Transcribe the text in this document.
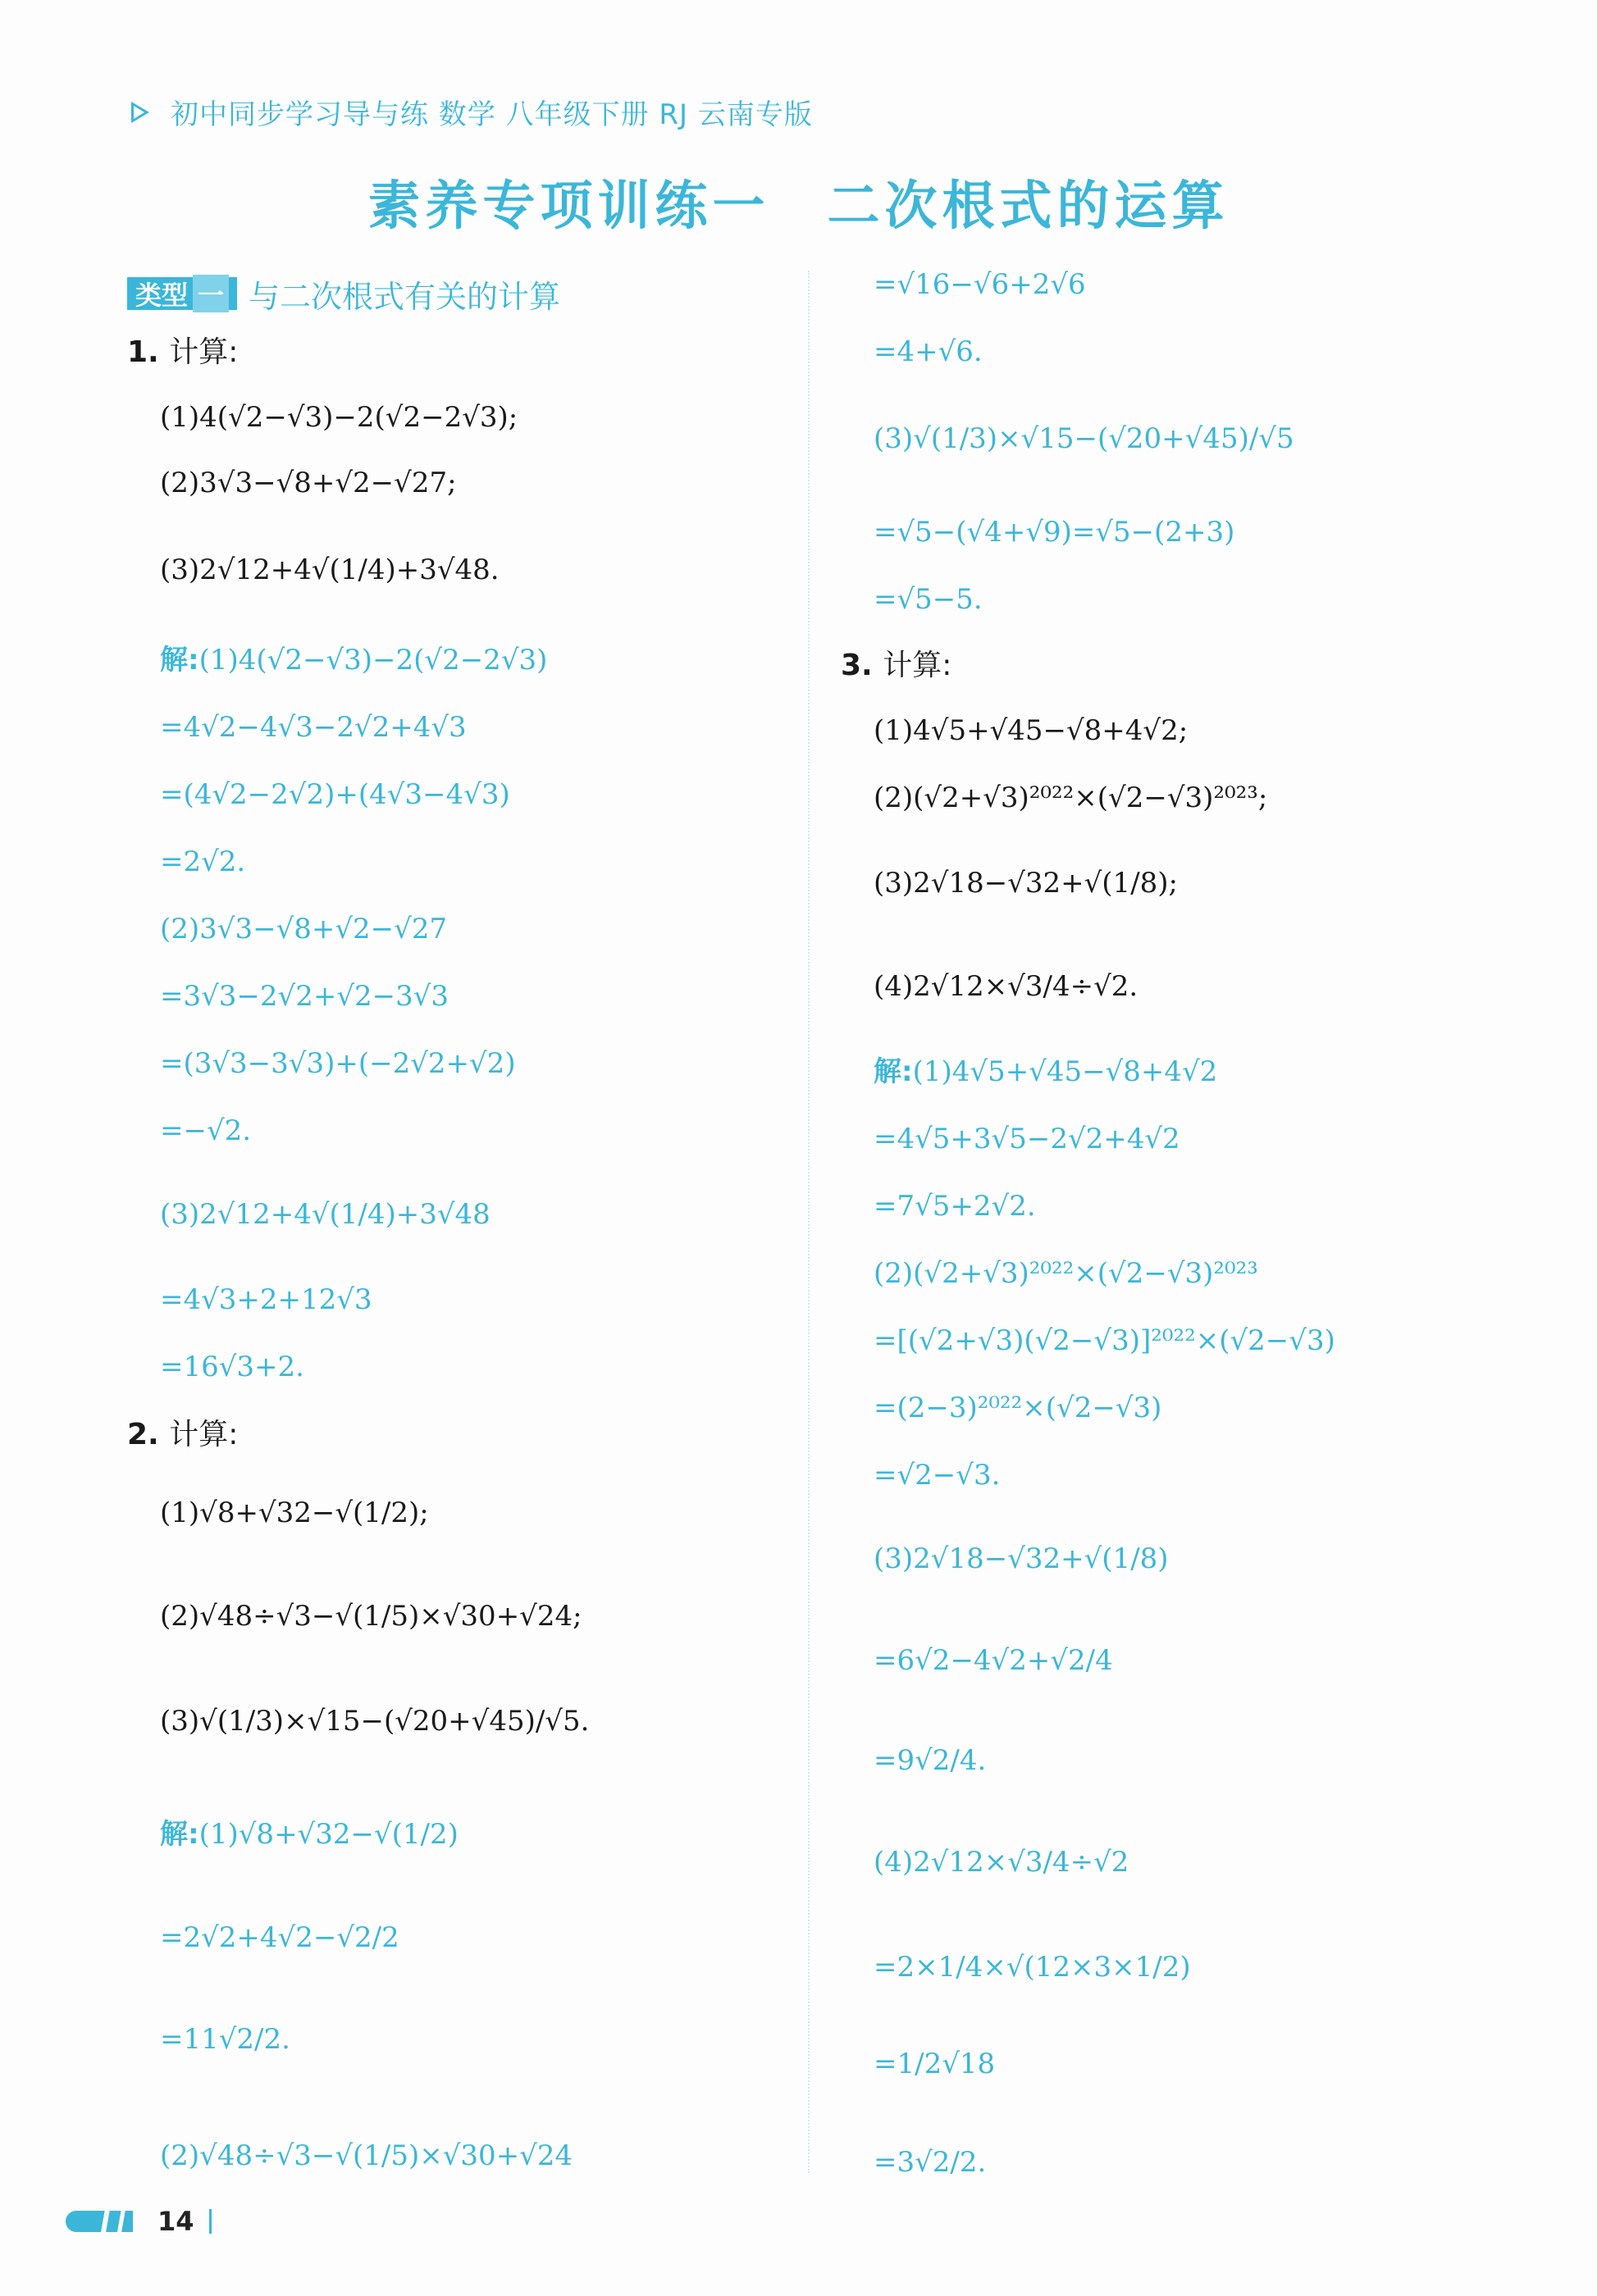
初中同步学习导与练 数学 八年级下册 RJ 云南专版
素养专项训练一 二次根式的运算
类型 一 与二次根式有关的计算
1. 计算:
(1)4(√2−√3)−2(√2−2√3);
(2)3√3−√8+√2−√27;
(3)2√12+4√(1/4)+3√48.
解:(1)4(√2−√3)−2(√2−2√3)
=4√2−4√3−2√2+4√3
=(4√2−2√2)+(4√3−4√3)
=2√2.
(2)3√3−√8+√2−√27
=3√3−2√2+√2−3√3
=(3√3−3√3)+(−2√2+√2)
=−√2.
(3)2√12+4√(1/4)+3√48
=4√3+2+12√3
=16√3+2.
2. 计算:
(1)√8+√32−√(1/2);
(2)√48÷√3−√(1/5)×√30+√24;
(3)√(1/3)×√15−(√20+√45)/√5.
解:(1)√8+√32−√(1/2)
=2√2+4√2−√2/2
=11√2/2.
(2)√48÷√3−√(1/5)×√30+√24
=√16−√6+2√6
=4+√6.
(3)√(1/3)×√15−(√20+√45)/√5
=√5−(√4+√9)=√5−(2+3)
=√5−5.
3. 计算:
(1)4√5+√45−√8+4√2;
(2)(√2+√3)²⁰²²×(√2−√3)²⁰²³;
(3)2√18−√32+√(1/8);
(4)2√12×√3/4÷√2.
解:(1)4√5+√45−√8+4√2
=4√5+3√5−2√2+4√2
=7√5+2√2.
(2)(√2+√3)²⁰²²×(√2−√3)²⁰²³
=[(√2+√3)(√2−√3)]²⁰²²×(√2−√3)
=(2−3)²⁰²²×(√2−√3)
=√2−√3.
(3)2√18−√32+√(1/8)
=6√2−4√2+√2/4
=9√2/4.
(4)2√12×√3/4÷√2
=2×1/4×√(12×3×1/2)
=1/2√18
=3√2/2.
14
